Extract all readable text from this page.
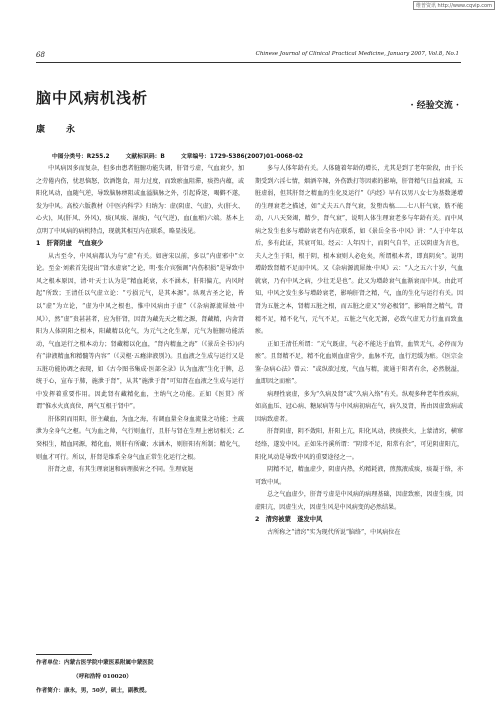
维普资讯 http://www.cqvip.com
68	Chinese Journal of Clinical Practical Medicine, January 2007, Vol.8, No.1
· 经验交流 ·
脑中风病机浅析
康　永
中图分类号：R255.2	文献标识码：B	文章编号：1729-5386(2007)01-0068-02

中风病因多而复杂，但多由患者脏腑功能失调，肝肾亏虚，气血衰少，加之劳倦内伤，忧思恼怒，饮酒饱食，用力过度，而致瘀血阻滞，痰热内蕴，或阳化风动，血随气逆，导致脑脉痹阻或血溢脑脉之外，引起昏迷，喝僻不遂，发为中风。高校六版教材《中医内科学》归纳为：虚(阴虚、气虚)，火(肝火、心火)，风(肝风、外风)，痰(风痰、湿痰)，气(气逆)，血(血瘀)六端。基本上点明了中风病的病机特点，现就其相互内在联系，略显浅见。

1　肝肾阴虚　气血衰少

从古至今，中风病都认为与“虚”有关。如唐宋以前，多以“内虚邪中”立论。至金·刘素首先提出“肾水虚衰”之论，明·张介宾强调“内伤积损”是导致中风之根本原因，清·叶天士认为是“精血耗衰，水不涵木，肝阳偏亢，内风时起”所致；王清任以气虚立论：“亏损元气，是其本源”。纵观古圣之论，皆以“虚”为立论，“虚为中风之根也，惟中风病由于虚”（《杂病源流犀烛·中风》），然“虚”贵甚甚者，应为肝肾，因肾为藏先天之精之源，肾藏精，内舍肾阳为人体阴阳之根本，阳藏精以化气，为元气之化生原，元气为脏腑功能活动，气血运行之根本动力；肾藏精以化血，“肾内精血之海”（《景岳全书》)内有“津液精血和精髓等内容”（《灵枢·五癃津液别》)。且血液之生成与运行又是五脏功能协调之表现，如《古今图书集成·医部全录》认为血液“生化于脾，总统于心，宣布于肺，施泄于肾”，从其“施泄于肾”可知肾在血液之生成与运行中发挥着重要作用。因此肾有藏精化血，主纳气之功能。正如《医贯》所谓“惟水火真真位，两气互根于肾中”。

肝体阴而用阳，肝主藏血，为血之海，有调血量全身血流量之功能；主疏泄为全身气之枢。气为血之帅，气行则血行，且肝与肾在生理上密切相关；乙癸相生，精血同源，精化血，则肝有所藏；水涵木，则肝阳有所制；精化气，则血才可行。所以，肝肾是维系全身气血正常生化运行之根。

肝肾之虚，有其生理衰退和病理损害之不同。生理衰退

多与人体年龄有关。人体随着年龄的增长，尤其是到了老年阶段，由于长期受到六淫七情，烟酒辛辣，外伤跌打等因素的影响，肝肾精气日益衰减，五脏虚弱，但其肝肾之精血的生化及运行”《内经》早有以男八女七为基数递增的生理衰老之描述，如“丈夫五八肾气衰，发堕齿槁……七八肝气衰，筋不能动，八八天癸竭，精少，肾气衰”，说明人体生理衰老多与年龄有关。而中风病之发生也多与增龄衰老有内在联系，如《景岳全书·中风》讲：“人于中年以后，多有此证，其衰可知。经云：人年四十，而阴气自半，正以阴虚为言也，夫人之生于阳，根于阴，根本衰则人必危矣，所谓根本者，即真阴矣”。说明增龄致肾精不足而中风。又《杂病源流犀烛·中风》云：“人之五六十岁，气血就衰，乃有中风之病，少壮无是也”。此又为增龄衰气血渐衰而中风。由此可知，中风之发生多与增龄衰老，影响肝肾之精，气，血的生化与运行有关。因肾为五脏之本，肾精五脏之根，而五脏之虚又“穷必极肾”，影响肾之精气，肾精不足，精不化气，元气不足，五脏之气化无源，必致气虚无力行血而致血瘀。

正如王清任所谓：“元气既虚，气必不能达于血管，血管无气，必停而为瘀”。且肾精不足，精不化血则血虚营少，血脉不充，血行迟缓为瘀。《医宗金鉴·杂病心法》曾云：“或纵欲过度，气血与精，流通于阳者有余，必然脱溢，血即因之而瘀”。

病理性衰虚，多为“久病及肾”或“久病入络”有关。纵观多种老年性疾病，如高血压、冠心病、糖尿病等与中风病初病在气，病久及肾，皆由因虚致病或因病致虚者。

肝肾阴虚，阴不敛阳，肝阳上亢，阳化风动，挟痰挟火，上蒙清窍，横窜经络，遂发中风。正如朱丹溪所谓：“阴常不足，阳常有余”，可见阴虚阳亢，阳化风动是导致中风的重要途径之一。

阴精不足，精血虚少，阴虚内热，灼精耗液，煎熬液成痰，痰凝于络，亦可致中风。

总之气血虚少，肝肾亏虚是中风病的病理基础，因虚致瘀，因虚生痰，因虚阳亢，因虚生火，因虚生风是中风病变的必然结果。

2　清窍被蒙　遂发中风

古所称之“清窍”实为现代所说“脑络”，中风病位在

作者单位：内蒙古医学院中蒙医系附属中蒙医院
（呼和浩特 010020）
作者简介：康永，男，50岁，硕士，副教授。
